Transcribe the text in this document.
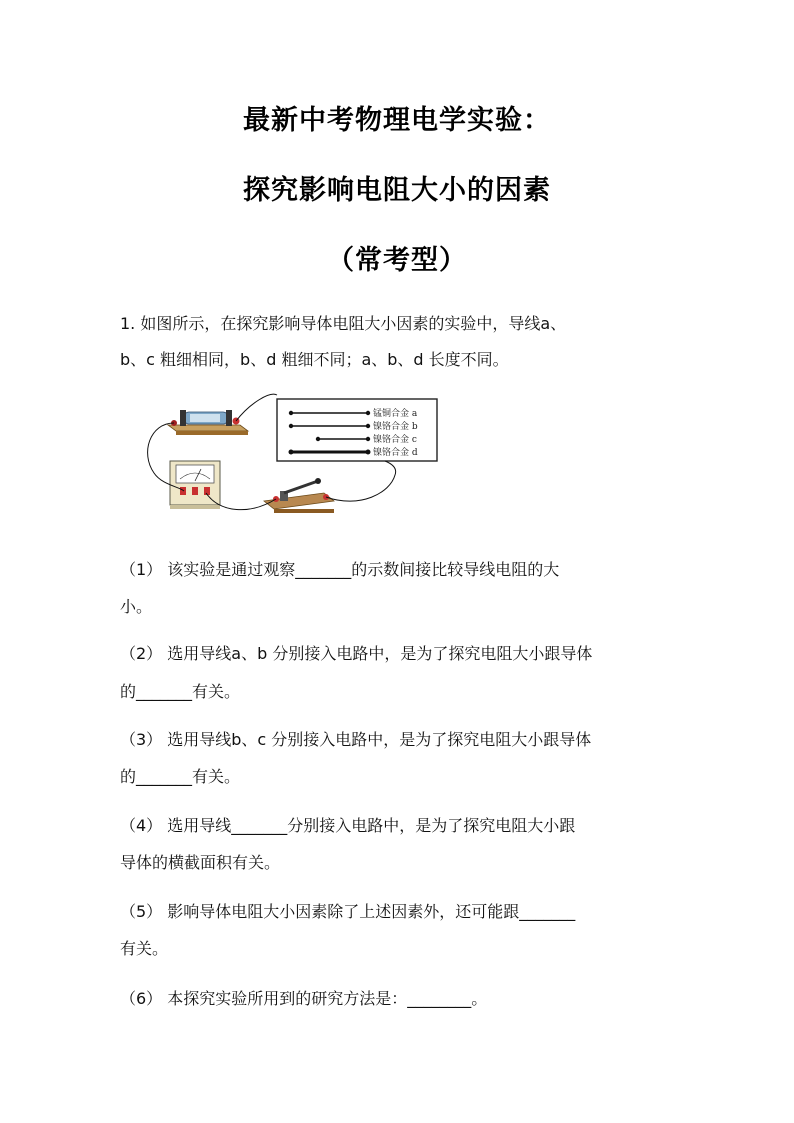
最新中考物理电学实验：
探究影响电阻大小的因素
（常考型）
1. 如图所示，在探究影响导体电阻大小因素的实验中，导线a、
b、c 粗细相同，b、d 粗细不同；a、b、d 长度不同。
锰铜合金 a
镍铬合金 b
镍铬合金 c
镍铬合金 d
（1） 该实验是通过观察_______的示数间接比较导线电阻的大
小。
（2） 选用导线a、b 分别接入电路中，是为了探究电阻大小跟导体
的_______有关。
（3） 选用导线b、c 分别接入电路中，是为了探究电阻大小跟导体
的_______有关。
（4） 选用导线_______分别接入电路中，是为了探究电阻大小跟
导体的横截面积有关。
（5） 影响导体电阻大小因素除了上述因素外，还可能跟_______
有关。
（6） 本探究实验所用到的研究方法是：________。
